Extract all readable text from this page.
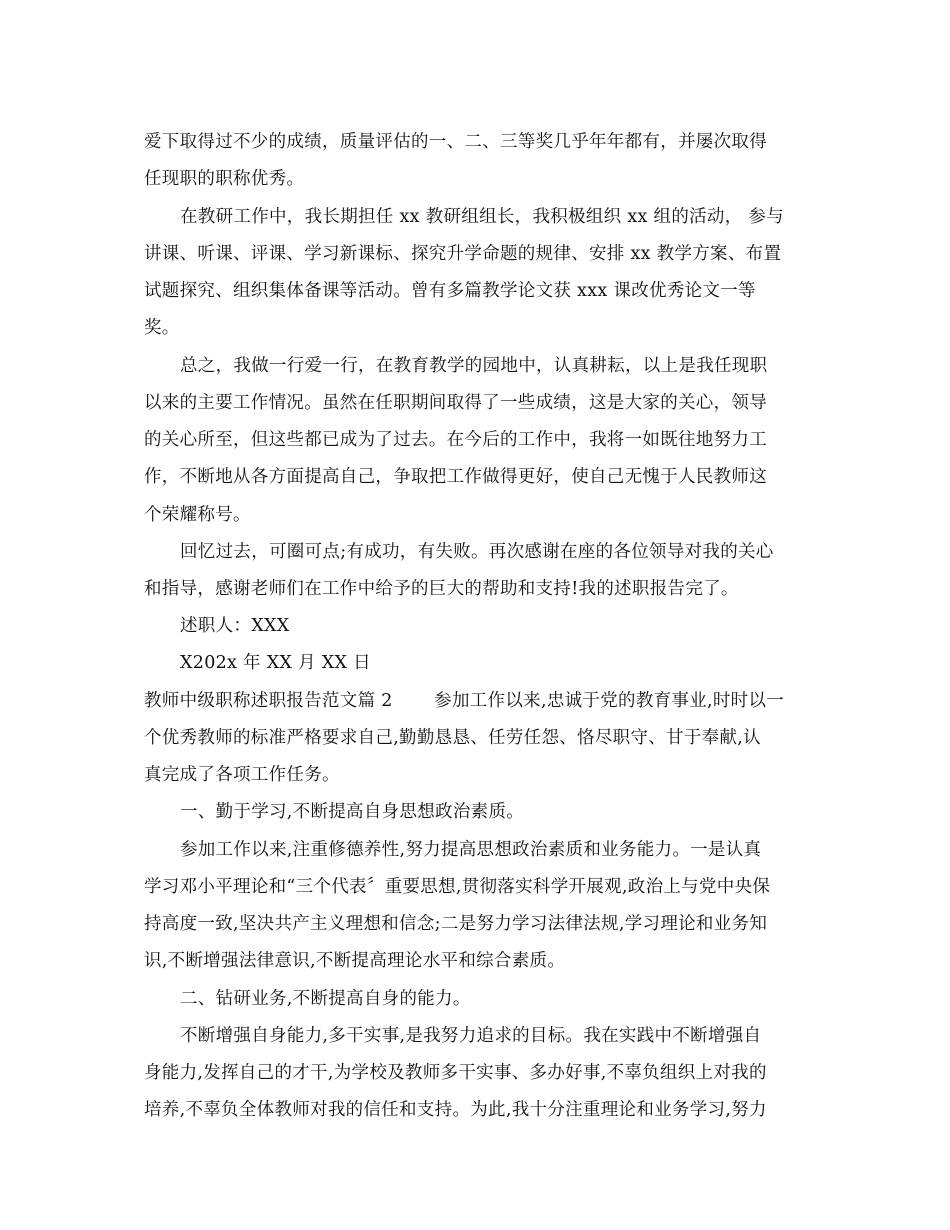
爱下取得过不少的成绩，质量评估的一、二、三等奖几乎年年都有，并屡次取得
任现职的职称优秀。
在教研工作中，我长期担任 xx 教研组组长，我积极组织 xx 组的活动， 参与
讲课、听课、评课、学习新课标、探究升学命题的规律、安排 xx 教学方案、布置
试题探究、组织集体备课等活动。曾有多篇教学论文获 xxx 课改优秀论文一等
奖。
总之，我做一行爱一行，在教育教学的园地中，认真耕耘，以上是我任现职
以来的主要工作情况。虽然在任职期间取得了一些成绩，这是大家的关心，领导
的关心所至，但这些都已成为了过去。在今后的工作中，我将一如既往地努力工
作，不断地从各方面提高自己，争取把工作做得更好，使自己无愧于人民教师这
个荣耀称号。
回忆过去，可圈可点;有成功，有失败。再次感谢在座的各位领导对我的关心
和指导，感谢老师们在工作中给予的巨大的帮助和支持!我的述职报告完了。
述职人：XXX
X202x 年 XX 月 XX 日
教师中级职称述职报告范文篇 2　　 参加工作以来,忠诚于党的教育事业,时时以一
个优秀教师的标准严格要求自己,勤勤恳恳、任劳任怨、恪尽职守、甘于奉献,认
真完成了各项工作任务。
一、勤于学习,不断提高自身思想政治素质。
参加工作以来,注重修德养性,努力提高思想政治素质和业务能力。一是认真
学习邓小平理论和“三个代表〞重要思想,贯彻落实科学开展观,政治上与党中央保
持高度一致,坚决共产主义理想和信念;二是努力学习法律法规,学习理论和业务知
识,不断增强法律意识,不断提高理论水平和综合素质。
二、钻研业务,不断提高自身的能力。
不断增强自身能力,多干实事,是我努力追求的目标。我在实践中不断增强自
身能力,发挥自己的才干,为学校及教师多干实事、多办好事,不辜负组织上对我的
培养,不辜负全体教师对我的信任和支持。为此,我十分注重理论和业务学习,努力
